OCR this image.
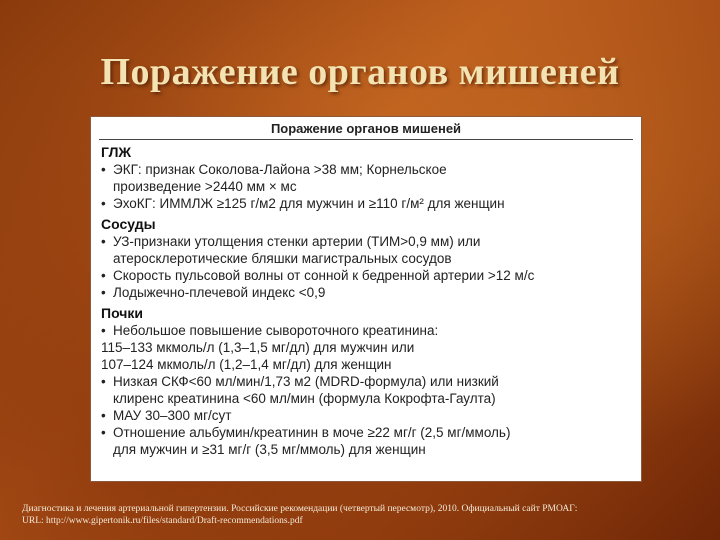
Поражение органов мишеней
Поражение органов мишеней
ГЛЖ
• ЭКГ: признак Соколова-Лайона >38 мм; Корнельское
произведение >2440 мм × мс
• ЭхоКГ: ИММЛЖ ≥125 г/м2 для мужчин и ≥110 г/м² для женщин
Сосуды
• УЗ-признаки утолщения стенки артерии (ТИМ>0,9 мм) или
атеросклеротические бляшки магистральных сосудов
• Скорость пульсовой волны от сонной к бедренной артерии >12 м/с
• Лодыжечно-плечевой индекс <0,9
Почки
• Небольшое повышение сывороточного креатинина:
115–133 мкмоль/л (1,3–1,5 мг/дл) для мужчин или
107–124 мкмоль/л (1,2–1,4 мг/дл) для женщин
• Низкая СКФ<60 мл/мин/1,73 м2 (MDRD-формула) или низкий
клиренс креатинина <60 мл/мин (формула Кокрофта-Гаулта)
• МАУ 30–300 мг/сут
• Отношение альбумин/креатинин в моче ≥22 мг/г (2,5 мг/ммоль)
для мужчин и ≥31 мг/г (3,5 мг/ммоль) для женщин
Диагностика и лечения артериальной гипертензии. Российские рекомендации (четвертый пересмотр), 2010. Официальный сайт РМОАГ:
URL: http://www.gipertonik.ru/files/standard/Draft-recommendations.pdf
